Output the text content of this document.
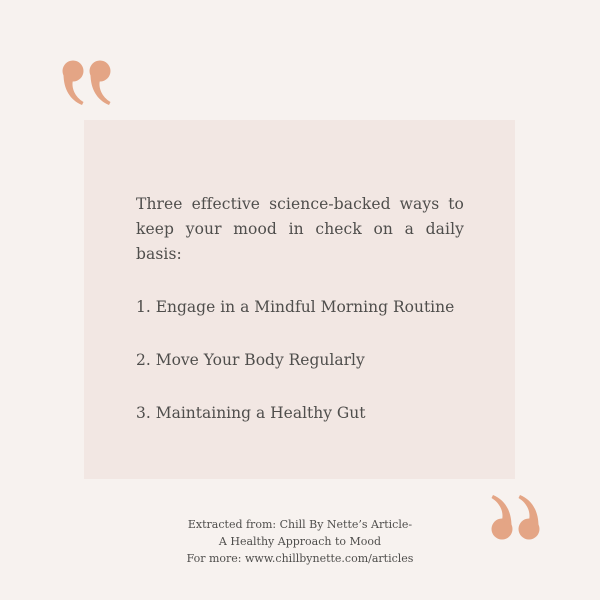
Three effective science-backed ways to keep your mood in check on a daily basis:

1. Engage in a Mindful Morning Routine
2. Move Your Body Regularly
3. Maintaining a Healthy Gut
Extracted from: Chill By Nette’s Article-
A Healthy Approach to Mood
For more: www.chillbynette.com/articles
